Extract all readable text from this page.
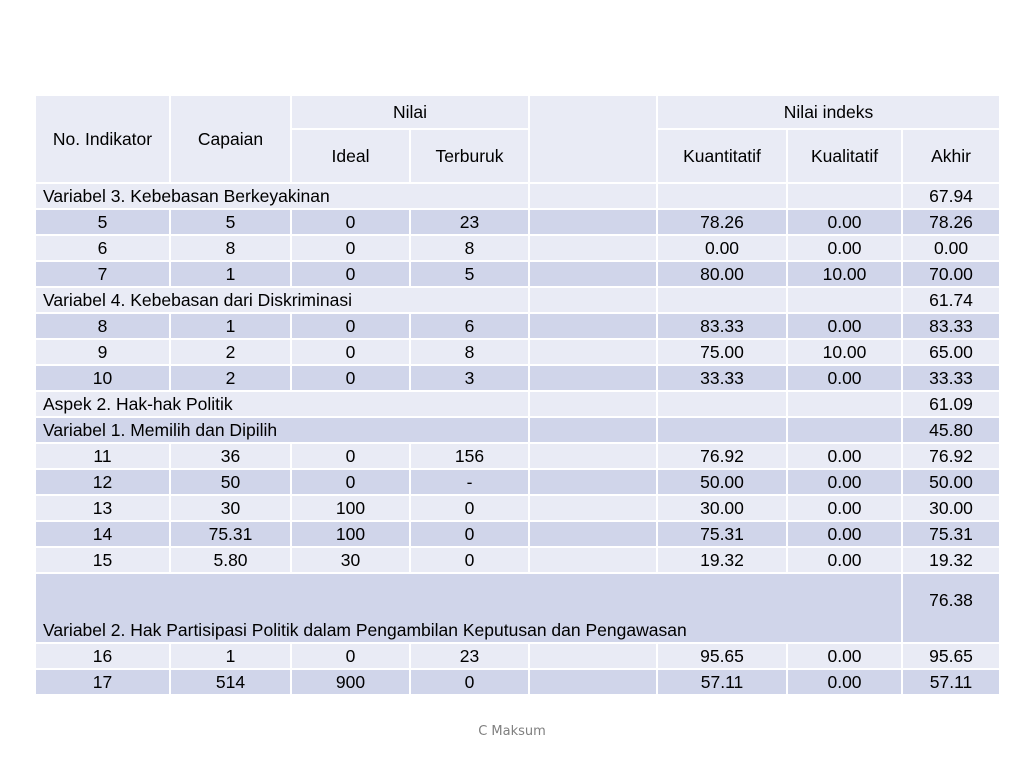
No. Indikator	Capaian	Nilai			Nilai indeks		
		Ideal	Terburuk		Kuantitatif	Kualitatif	Akhir
Variabel 3. Kebebasan Berkeyakinan							67.94
5	5	0	23		78.26	0.00	78.26
6	8	0	8		0.00	0.00	0.00
7	1	0	5		80.00	10.00	70.00
Variabel 4. Kebebasan dari Diskriminasi							61.74
8	1	0	6		83.33	0.00	83.33
9	2	0	8		75.00	10.00	65.00
10	2	0	3		33.33	0.00	33.33
Aspek 2. Hak-hak Politik							61.09
Variabel 1. Memilih dan Dipilih							45.80
11	36	0	156		76.92	0.00	76.92
12	50	0	-		50.00	0.00	50.00
13	30	100	0		30.00	0.00	30.00
14	75.31	100	0		75.31	0.00	75.31
15	5.80	30	0		19.32	0.00	19.32
Variabel 2. Hak Partisipasi Politik dalam Pengambilan Keputusan dan Pengawasan							76.38
16	1	0	23		95.65	0.00	95.65
17	514	900	0		57.11	0.00	57.11
C Maksum
